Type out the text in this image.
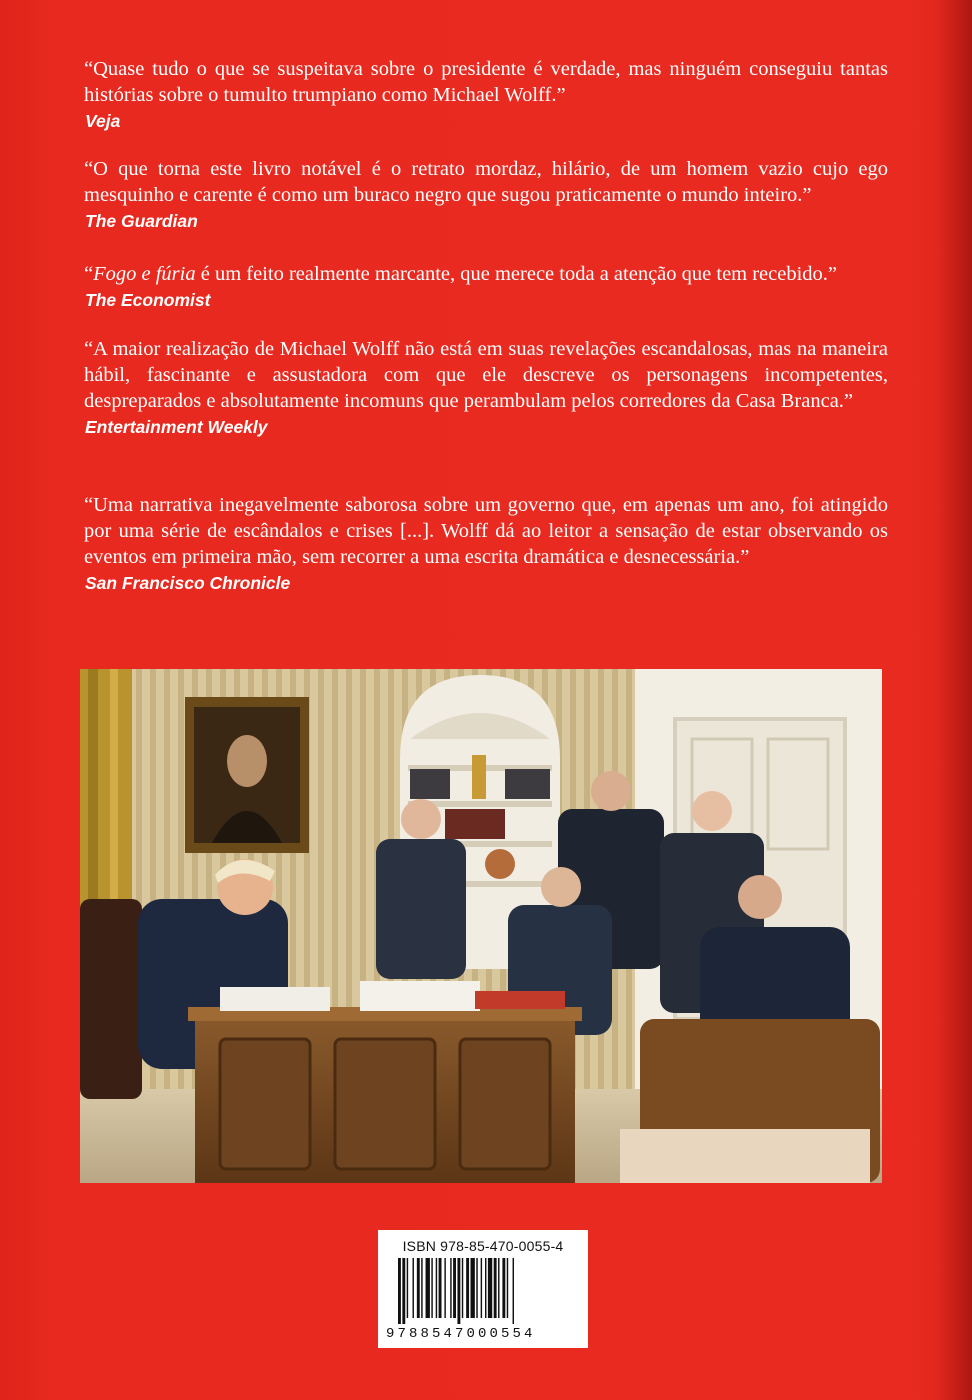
“Quase tudo o que se suspeitava sobre o presidente é verdade, mas ninguém conseguiu tantas histórias sobre o tumulto trumpiano como Michael Wolff.”

Veja

“O que torna este livro notável é o retrato mordaz, hilário, de um homem vazio cujo ego mesquinho e carente é como um buraco negro que sugou praticamente o mundo inteiro.”

The Guardian

“Fogo e fúria é um feito realmente marcante, que merece toda a atenção que tem recebido.”

The Economist

“A maior realização de Michael Wolff não está em suas revelações escandalosas, mas na maneira hábil, fascinante e assustadora com que ele descreve os personagens incompetentes, despreparados e absolutamente incomuns que perambulam pelos corredores da Casa Branca.”

Entertainment Weekly

“Uma narrativa inegavelmente saborosa sobre um governo que, em apenas um ano, foi atingido por uma série de escândalos e crises [...]. Wolff dá ao leitor a sensação de estar observando os eventos em primeira mão, sem recorrer a uma escrita dramática e desnecessária.”

San Francisco Chronicle
ISBN 978-85-470-0055-4
9788547000554
